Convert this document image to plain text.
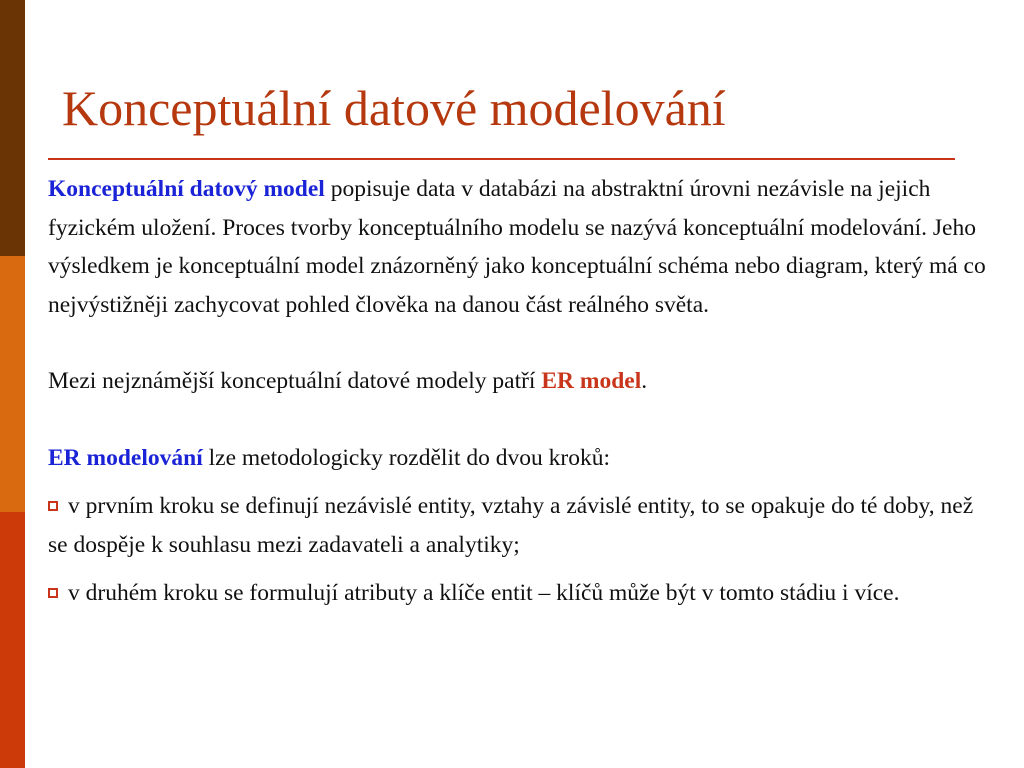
Konceptuální datové modelování

Konceptuální datový model popisuje data v databázi na abstraktní úrovni nezávisle na jejich fyzickém uložení. Proces tvorby konceptuálního modelu se nazývá konceptuální modelování. Jeho výsledkem je konceptuální model znázorněný jako konceptuální schéma nebo diagram, který má co nejvýstižněji zachycovat pohled člověka na danou část reálného světa.

Mezi nejznámější konceptuální datové modely patří ER model.

ER modelování lze metodologicky rozdělit do dvou kroků:

v prvním kroku se definují nezávislé entity, vztahy a závislé entity, to se opakuje do té doby, než se dospěje k souhlasu mezi zadavateli a analytiky;

v druhém kroku se formulují atributy a klíče entit – klíčů může být v tomto stádiu i více.
